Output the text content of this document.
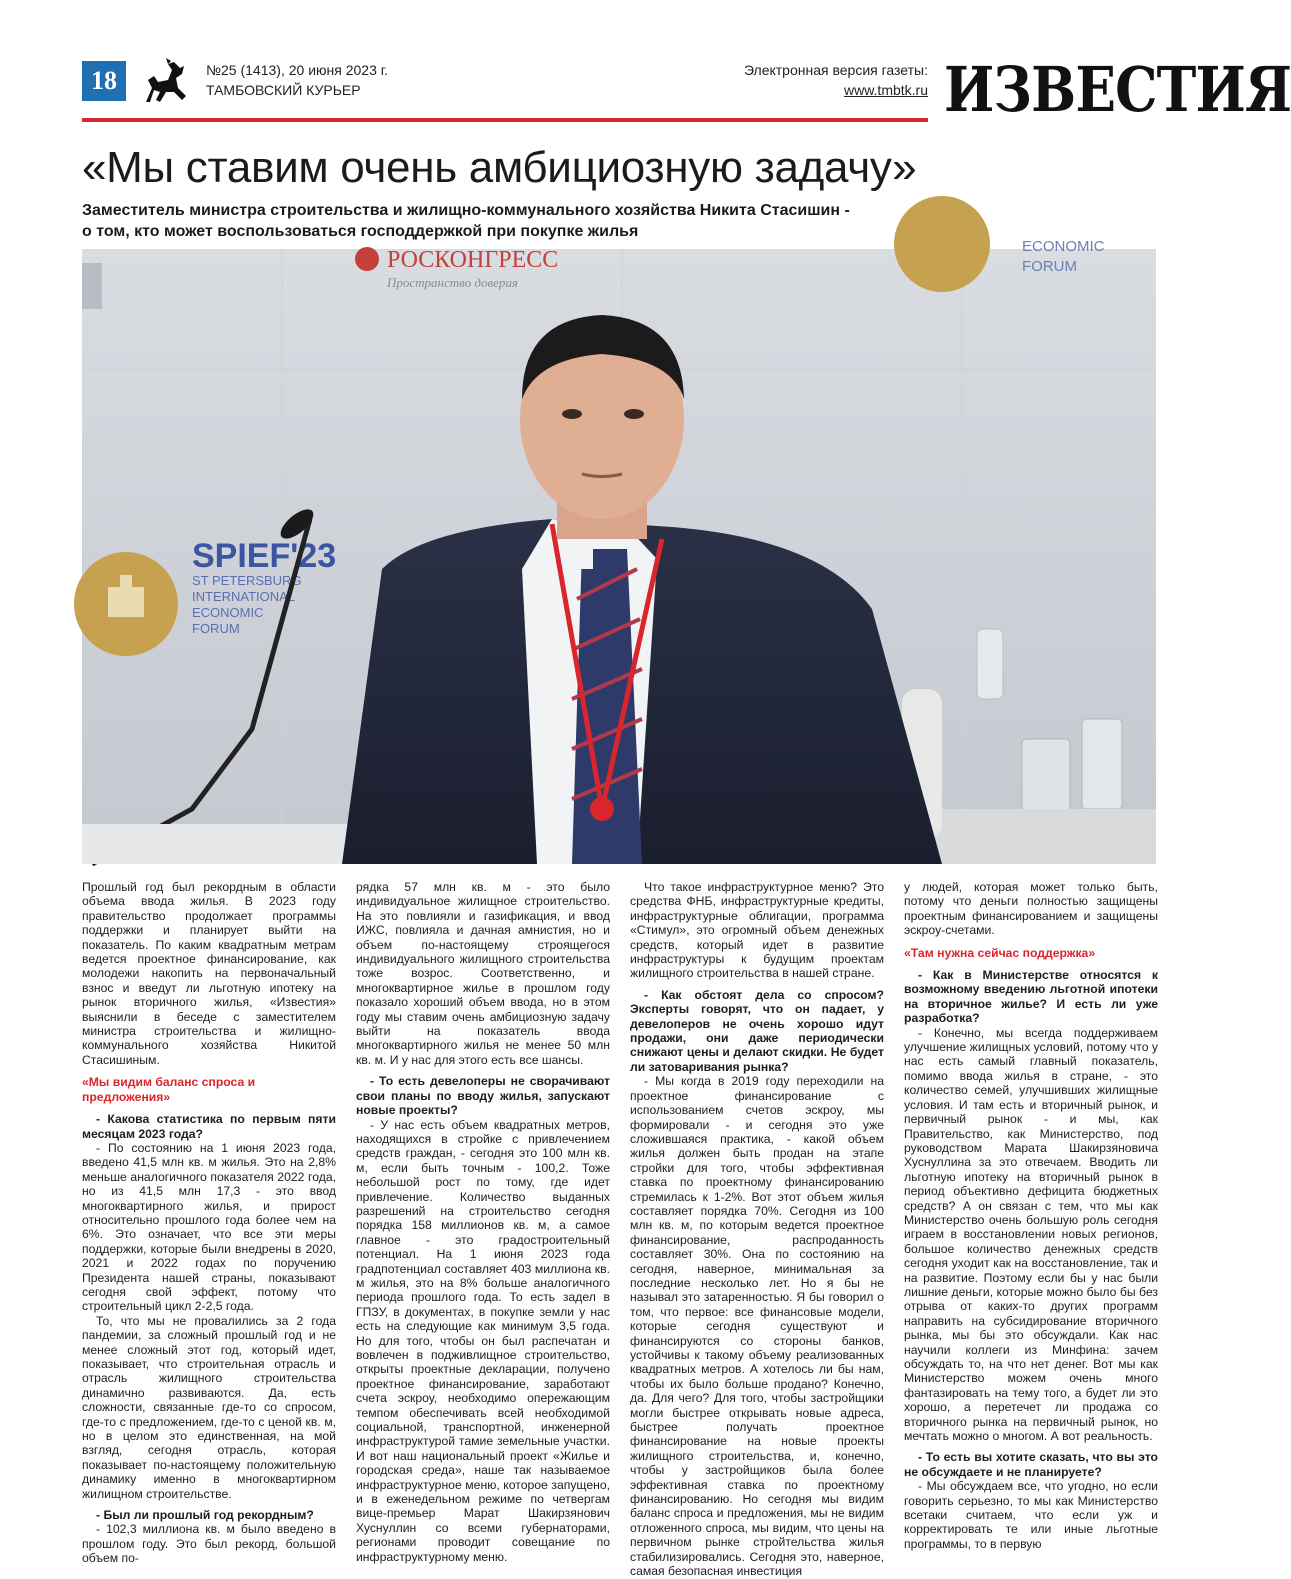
18	№25 (1413), 20 июня 2023 г.
ТАМБОВСКИЙ КУРЬЕР
Электронная версия газеты:
www.tmbtk.ru ИЗВЕСТИЯ
«Мы ставим очень амбициозную задачу»
Заместитель министра строительства и жилищно-коммунального хозяйства Никита Стасишин -
о том, кто может воспользоваться господдержкой при покупке жилья
РОСКОНГРЕСС
Пространство доверия
ECONOMIC
FORUM
SPIEF'23
ST PETERSBURG
INTERNATIONAL
ECONOMIC
FORUM

Прошлый год был рекордным в области объема ввода жилья. В 2023 году правительство продолжает программы поддержки и планирует выйти на показатель. По каким квадратным метрам ведется проектное финансирование, как молодежи накопить на первоначальный взнос и введут ли льготную ипотеку на рынок вторичного жилья, «Известия» выяснили в беседе с заместителем министра строительства и жилищно-коммунального хозяйства Никитой Стасишиным.

«Мы видим баланс спроса и предложения»

- Какова статистика по первым пяти месяцам 2023 года?

- По состоянию на 1 июня 2023 года, введено 41,5 млн кв. м жилья. Это на 2,8% меньше аналогичного показателя 2022 года, но из 41,5 млн 17,3 - это ввод многоквартирного жилья, и прирост относительно прошлого года более чем на 6%. Это означает, что все эти меры поддержки, которые были внедрены в 2020, 2021 и 2022 годах по поручению Президента нашей страны, показывают сегодня свой эффект, потому что строительный цикл 2-2,5 года.

То, что мы не провалились за 2 года пандемии, за сложный прошлый год и не менее сложный этот год, который идет, показывает, что строительная отрасль и отрасль жилищного строительства динамично развиваются. Да, есть сложности, связанные где-то со спросом, где-то с предложением, где-то с ценой кв. м, но в целом это единственная, на мой взгляд, сегодня отрасль, которая показывает по-настоящему положительную динамику именно в многоквартирном жилищном строительстве.

- Был ли прошлый год рекордным?

- 102,3 миллиона кв. м было введено в прошлом году. Это был рекорд, большой объем по-

рядка 57 млн кв. м - это было индивидуальное жилищное строительство. На это повлияли и газификация, и ввод ИЖС, повлияла и дачная амнистия, но и объем по-настоящему строящегося индивидуального жилищного строительства тоже возрос. Соответственно, и многоквартирное жилье в прошлом году показало хороший объем ввода, но в этом году мы ставим очень амбициозную задачу выйти на показатель ввода многоквартирного жилья не менее 50 млн кв. м. И у нас для этого есть все шансы.

- То есть девелоперы не сворачивают свои планы по вводу жилья, запускают новые проекты?

- У нас есть объем квадратных метров, находящихся в стройке с привлечением средств граждан, - сегодня это 100 млн кв. м, если быть точным - 100,2. Тоже небольшой рост по тому, где идет привлечение. Количество выданных разрешений на строительство сегодня порядка 158 миллионов кв. м, а самое главное - это градостроительный потенциал. На 1 июня 2023 года градпотенциал составляет 403 миллиона кв. м жилья, это на 8% больше аналогичного периода прошлого года. То есть задел в ГПЗУ, в документах, в покупке земли у нас есть на следующие как минимум 3,5 года. Но для того, чтобы он был распечатан и вовлечен в подживлищное строительство, открыты проектные декларации, получено проектное финансирование, заработают счета эскроу, необходимо опережающим темпом обеспечивать всей необходимой социальной, транспортной, инженерной инфраструктурой тамие земельные участки. И вот наш национальный проект «Жилье и городская среда», наше так называемое инфраструктурное меню, которое запущено, и в еженедельном режиме по четвергам вице-премьер Марат Шакирзянович Хуснуллин со всеми губернаторами, регионами проводит совещание по инфраструктурному меню.

Что такое инфраструктурное меню? Это средства ФНБ, инфраструктурные кредиты, инфраструктурные облигации, программа «Стимул», это огромный объем денежных средств, который идет в развитие инфраструктуры к будущим проектам жилищного строительства в нашей стране.

- Как обстоят дела со спросом? Эксперты говорят, что он падает, у девелоперов не очень хорошо идут продажи, они даже периодически снижают цены и делают скидки. Не будет ли затоваривания рынка?

- Мы когда в 2019 году переходили на проектное финансирование с использованием счетов эскроу, мы формировали - и сегодня это уже сложившаяся практика, - какой объем жилья должен быть продан на этапе стройки для того, чтобы эффективная ставка по проектному финансированию стремилась к 1-2%. Вот этот объем жилья составляет порядка 70%. Сегодня из 100 млн кв. м, по которым ведется проектное финансирование, распроданность составляет 30%. Она по состоянию на сегодня, наверное, минимальная за последние несколько лет. Но я бы не называл это затаренностью. Я бы говорил о том, что первое: все финансовые модели, которые сегодня существуют и финансируются со стороны банков, устойчивы к такому объему реализованных квадратных метров. А хотелось ли бы нам, чтобы их было больше продано? Конечно, да. Для чего? Для того, чтобы застройщики могли быстрее открывать новые адреса, быстрее получать проектное финансирование на новые проекты жилищного строительства, и, конечно, чтобы у застройщиков была более эффективная ставка по проектному финансированию. Но сегодня мы видим баланс спроса и предложения, мы не видим отложенного спроса, мы видим, что цены на первичном рынке стройтельства жилья стабилизировались. Сегодня это, наверное, самая безопасная инвестиция

у людей, которая может только быть, потому что деньги полностью защищены проектным финансированием и защищены эскроу-счетами.

«Там нужна сейчас поддержка»

- Как в Министерстве относятся к возможному введению льготной ипотеки на вторичное жилье? И есть ли уже разработка?

- Конечно, мы всегда поддерживаем улучшение жилищных условий, потому что у нас есть самый главный показатель, помимо ввода жилья в стране, - это количество семей, улучшивших жилищные условия. И там есть и вторичный рынок, и первичный рынок - и мы, как Правительство, как Министерство, под руководством Марата Шакирзяновича Хуснуллина за это отвечаем. Вводить ли льготную ипотеку на вторичный рынок в период объективно дефицита бюджетных средств? А он связан с тем, что мы как Министерство очень большую роль сегодня играем в восстановлении новых регионов, большое количество денежных средств сегодня уходит как на восстановление, так и на развитие. Поэтому если бы у нас были лишние деньги, которые можно было бы без отрыва от каких-то других программ направить на субсидирование вторичного рынка, мы бы это обсуждали. Как нас научили коллеги из Минфина: зачем обсуждать то, на что нет денег. Вот мы как Министерство можем очень много фантазировать на тему того, а будет ли это хорошо, а перетечет ли продажа со вторичного рынка на первичный рынок, но мечтать можно о многом. А вот реальность.

- То есть вы хотите сказать, что вы это не обсуждаете и не планируете?

- Мы обсуждаем все, что угодно, но если говорить серьезно, то мы как Министерство всетаки считаем, что если уж и корректировать те или иные льготные программы, то в первую
